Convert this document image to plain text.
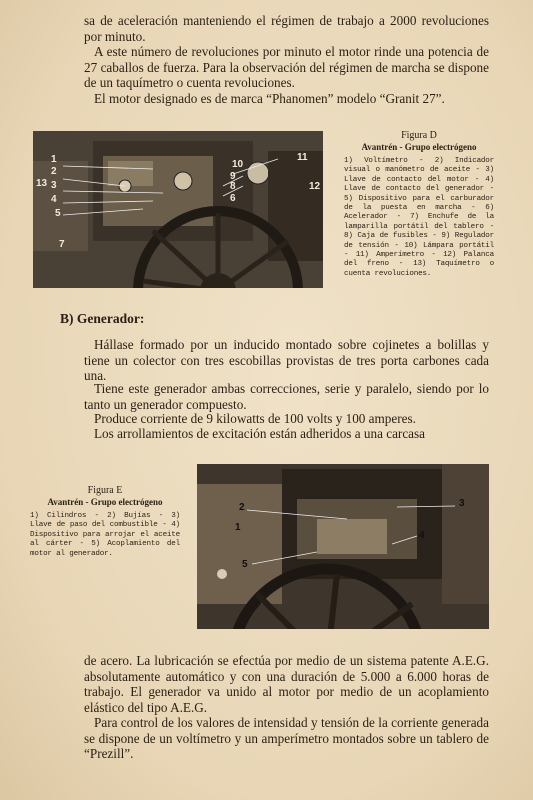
sa de aceleración manteniendo el régimen de trabajo a 2000 revoluciones por minuto.

A este número de revoluciones por minuto el motor rinde una potencia de 27 caballos de fuerza. Para la observación del régimen de marcha se dispone de un taquímetro o cuenta revoluciones.

El motor designado es de marca “Phanomen” modelo “Granit 27”.

1
2
3
4
5
6
7
8
9
10
11
12
13

Figura D

Avantrén - Grupo electrógeno

1) Voltímetro - 2) Indicador visual o manómetro de aceite - 3) Llave de contacto del motor - 4) Llave de contacto del generador - 5) Dispositivo para el carburador de la puesta en marcha - 6) Acelerador - 7) Enchufe de la lamparilla portátil del tablero - 8) Caja de fusibles - 9) Regulador de tensión - 10) Lámpara portátil - 11) Amperímetro - 12) Palanca del freno - 13) Taquímetro o cuenta revoluciones.

B) Generador:

Hállase formado por un inducido montado sobre cojinetes a bolillas y tiene un colector con tres escobillas provistas de tres porta carbones cada una.

Tiene este generador ambas correcciones, serie y paralelo, siendo por lo tanto un generador compuesto.

Produce corriente de 9 kilowatts de 100 volts y 100 amperes.

Los arrollamientos de excitación están adheridos a una carcasa

Figura E

Avantrén - Grupo electrógeno

1) Cilindros - 2) Bujías - 3) Llave de paso del combustible - 4) Dispositivo para arrojar el aceite al cárter - 5) Acoplamiento del motor al generador.

1
2	3
4
5

de acero. La lubricación se efectúa por medio de un sistema patente A.E.G. absolutamente automático y con una duración de 5.000 a 6.000 horas de trabajo. El generador va unido al motor por medio de un acoplamiento elástico del tipo A.E.G.

Para control de los valores de intensidad y tensión de la corriente generada se dispone de un voltímetro y un amperímetro montados sobre un tablero de “Prezill”.
